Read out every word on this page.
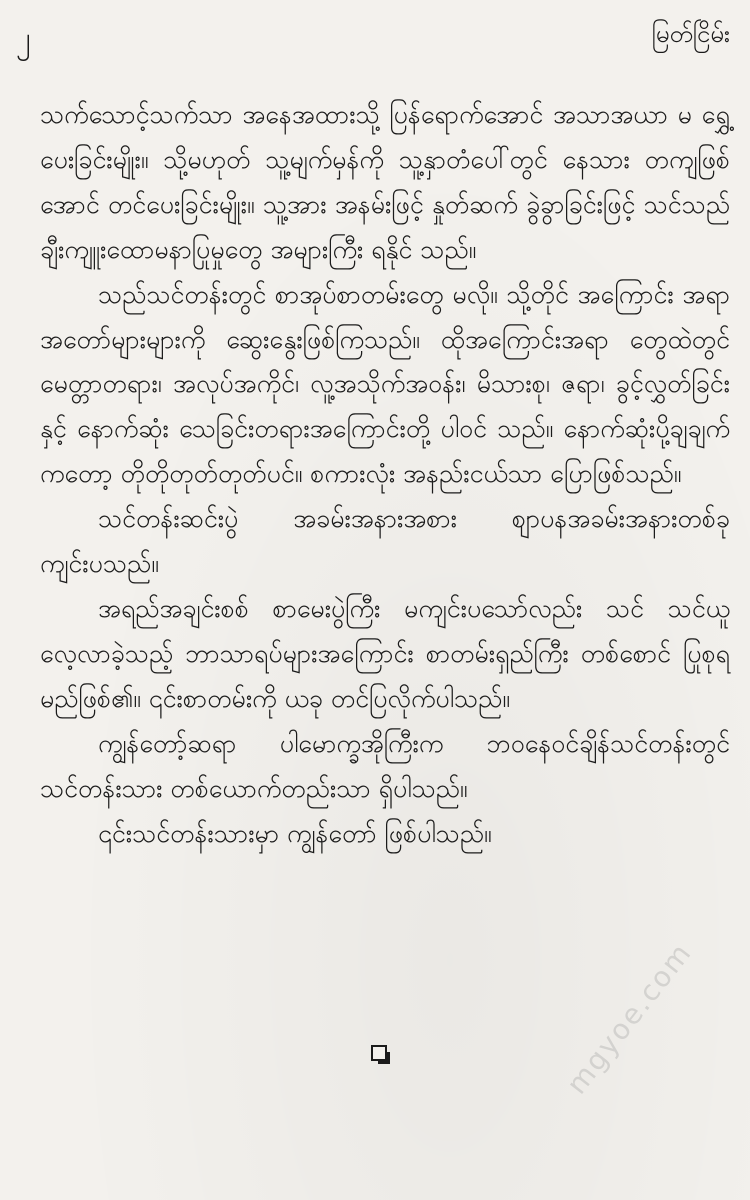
၂	မြတ်ငြိမ်း

သက်သောင့်သက်သာ အနေအထားသို့ ပြန်ရောက်အောင် အသာအယာ မ ရွှေ့ပေးခြင်းမျိုး။ သို့မဟုတ် သူ့မျက်မှန်ကို သူ့နှာတံပေါ်တွင် နေသား တကျဖြစ်အောင် တင်ပေးခြင်းမျိုး။ သူ့အား အနမ်းဖြင့် နှုတ်ဆက် ခွဲခွာခြင်းဖြင့် သင်သည် ချီးကျူးထောမနာပြုမှုတွေ အများကြီး ရနိုင် သည်။

သည်သင်တန်းတွင် စာအုပ်စာတမ်းတွေ မလို။ သို့တိုင် အကြောင်း အရာ အတော်များများကို ဆွေးနွေးဖြစ်ကြသည်။ ထိုအကြောင်းအရာ တွေထဲတွင် မေတ္တာတရား၊ အလုပ်အကိုင်၊ လူ့အသိုက်အဝန်း၊ မိသားစု၊ ဇရာ၊ ခွင့်လွှတ်ခြင်းနှင့် နောက်ဆုံး သေခြင်းတရားအကြောင်းတို့ ပါဝင် သည်။ နောက်ဆုံးပို့ချချက်ကတော့ တိုတိုတုတ်တုတ်ပင်။ စကားလုံး အနည်းငယ်သာ ပြောဖြစ်သည်။

သင်တန်းဆင်းပွဲ အခမ်းအနားအစား စျာပနအခမ်းအနားတစ်ခု ကျင်းပသည်။

အရည်အချင်းစစ် စာမေးပွဲကြီး မကျင်းပသော်လည်း သင် သင်ယူလေ့လာခဲ့သည့် ဘာသာရပ်များအကြောင်း စာတမ်းရှည်ကြီး တစ်စောင် ပြုစုရမည်ဖြစ်၏။ ၎င်းစာတမ်းကို ယခု တင်ပြလိုက်ပါသည်။

ကျွန်တော့်ဆရာ ပါမောက္ခအိုကြီးက ဘဝနေဝင်ချိန်သင်တန်းတွင် သင်တန်းသား တစ်ယောက်တည်းသာ ရှိပါသည်။

၎င်းသင်တန်းသားမှာ ကျွန်တော် ဖြစ်ပါသည်။

mgyoe.com
